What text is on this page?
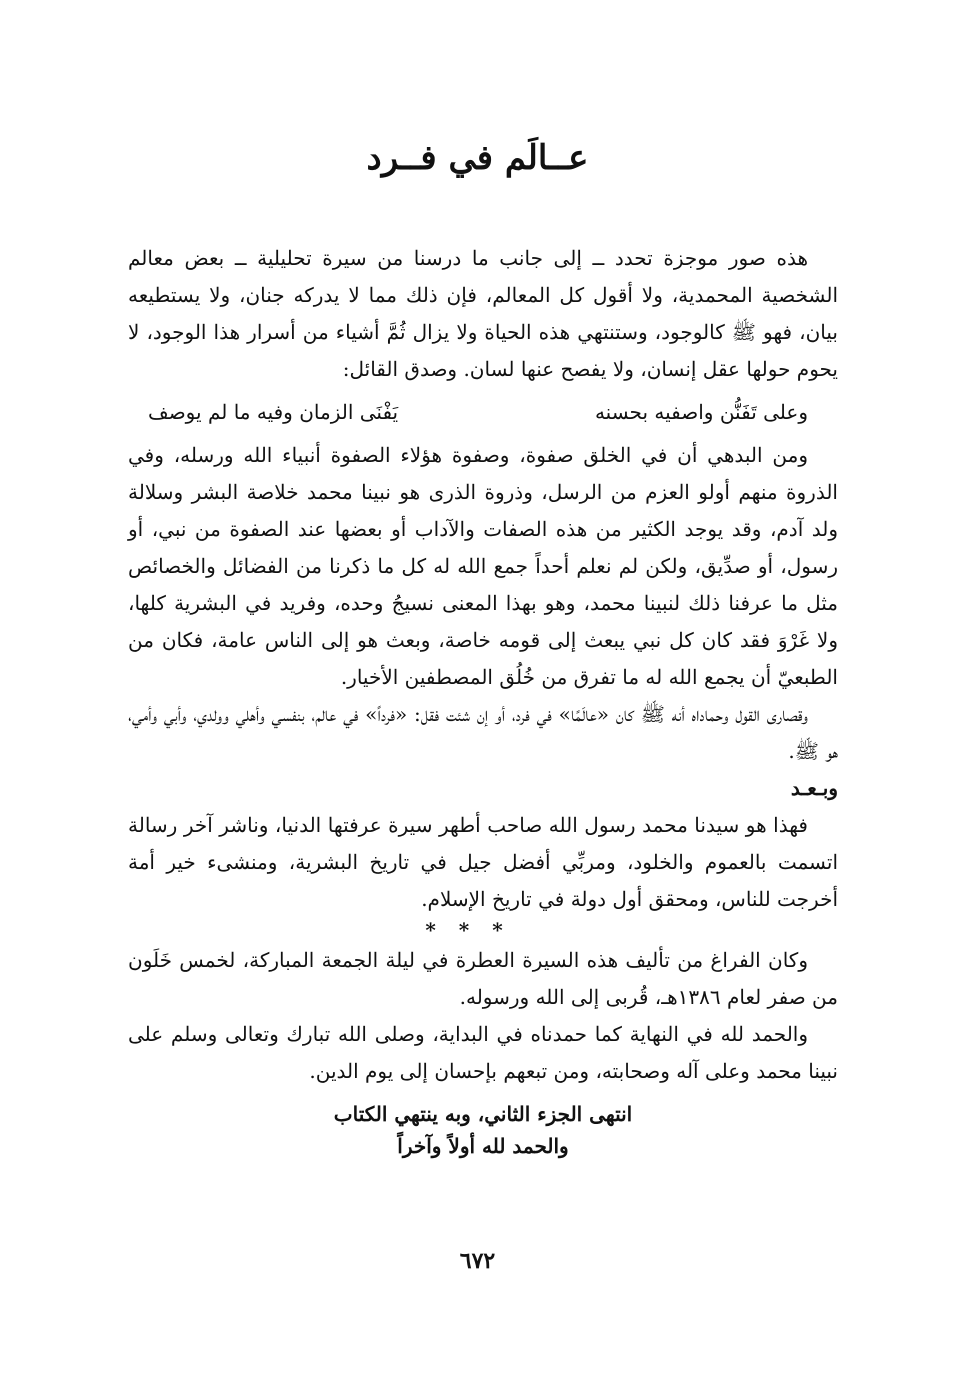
عــالَم في فــرد

هذه صور موجزة تحدد ــ إلى جانب ما درسنا من سيرة تحليلية ــ بعض معالم الشخصية المحمدية، ولا أقول كل المعالم، فإن ذلك مما لا يدركه جنان، ولا يستطيعه بيان، فهو ﷺ كالوجود، وستنتهي هذه الحياة ولا يزال ثُمَّ أشياء من أسرار هذا الوجود، لا يحوم حولها عقل إنسان، ولا يفصح عنها لسان. وصدق القائل:

وعلى تَفَنُّن واصفيه بحسنه
يَفْنَى الزمان وفيه ما لم يوصف

ومن البدهي أن في الخلق صفوة، وصفوة هؤلاء الصفوة أنبياء الله ورسله، وفي الذروة منهم أولو العزم من الرسل، وذروة الذرى هو نبينا محمد خلاصة البشر وسلالة ولد آدم، وقد يوجد الكثير من هذه الصفات والآداب أو بعضها عند الصفوة من نبي، أو رسول، أو صدِّيق، ولكن لم نعلم أحداً جمع الله له كل ما ذكرنا من الفضائل والخصائص مثل ما عرفنا ذلك لنبينا محمد، وهو بهذا المعنى نسيجُ وحده، وفريد في البشرية كلها، ولا غَرْوَ فقد كان كل نبي يبعث إلى قومه خاصة، وبعث هو إلى الناس عامة، فكان من الطبعيّ أن يجمع الله له ما تفرق من خُلُق المصطفين الأخيار.

وقصارى القول وحماداه أنه ﷺ كان «عالَمًا» في فرد، أو إن شئت فقل: «فرداً» في عالم، بنفسي وأهلي وولدي، وأبي وأمي، هو ﷺ.

وبـعـد

فهذا هو سيدنا محمد رسول الله صاحب أطهر سيرة عرفتها الدنيا، وناشر آخر رسالة اتسمت بالعموم والخلود، ومربِّي أفضل جيل في تاريخ البشرية، ومنشىء خير أمة أخرجت للناس، ومحقق أول دولة في تاريخ الإسلام.

* * *

وكان الفراغ من تأليف هذه السيرة العطرة في ليلة الجمعة المباركة، لخمس خَلَون من صفر لعام ١٣٨٦هـ، قُربى إلى الله ورسوله.

والحمد لله في النهاية كما حمدناه في البداية، وصلى الله تبارك وتعالى وسلم على نبينا محمد وعلى آله وصحابته، ومن تبعهم بإحسان إلى يوم الدين.

انتهى الجزء الثاني، وبه ينتهي الكتاب
والحمد لله أولاً وآخراً
٦٧٢
